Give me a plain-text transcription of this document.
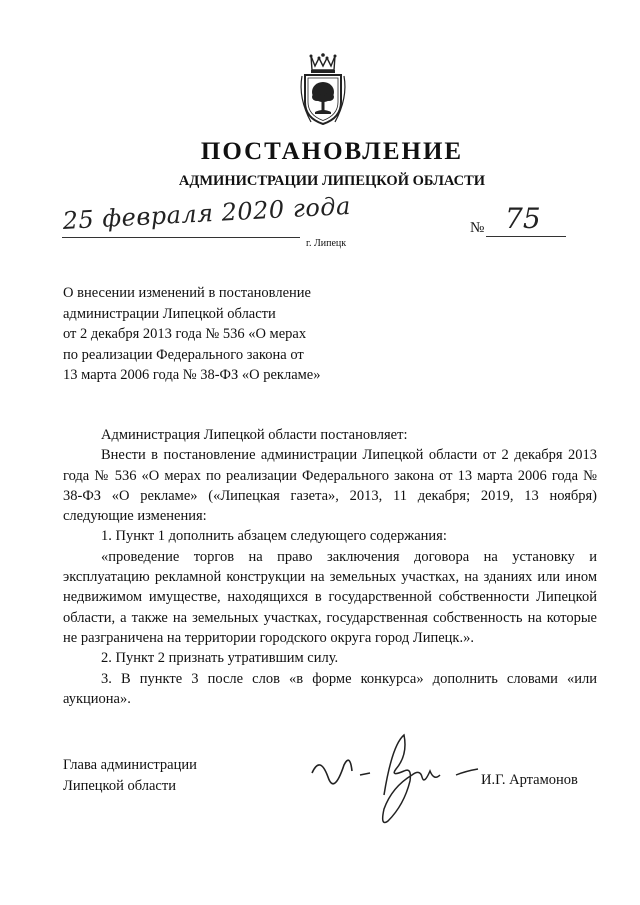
ПОСТАНОВЛЕНИЕ
АДМИНИСТРАЦИИ ЛИПЕЦКОЙ ОБЛАСТИ
25 февраля 2020 года
г. Липецк
№ 75
О внесении изменений в постановление
администрации Липецкой области
от 2 декабря 2013 года № 536 «О мерах
по реализации Федерального закона от
13 марта 2006 года № 38-ФЗ «О рекламе»

Администрация Липецкой области постановляет:

Внести в постановление администрации Липецкой области от 2 декабря 2013 года № 536 «О мерах по реализации Федерального закона от 13 марта 2006 года № 38-ФЗ «О рекламе» («Липецкая газета», 2013, 11 декабря; 2019, 13 ноября) следующие изменения:

1. Пункт 1 дополнить абзацем следующего содержания:

«проведение торгов на право заключения договора на установку и эксплуатацию рекламной конструкции на земельных участках, на зданиях или ином недвижимом имуществе, находящихся в государственной собственности Липецкой области, а также на земельных участках, государственная собственность на которые не разграничена на территории городского округа город Липецк.».

2. Пункт 2 признать утратившим силу.

3. В пункте 3 после слов «в форме конкурса» дополнить словами «или аукциона».

Глава администрации
Липецкой области	И.Г. Артамонов
